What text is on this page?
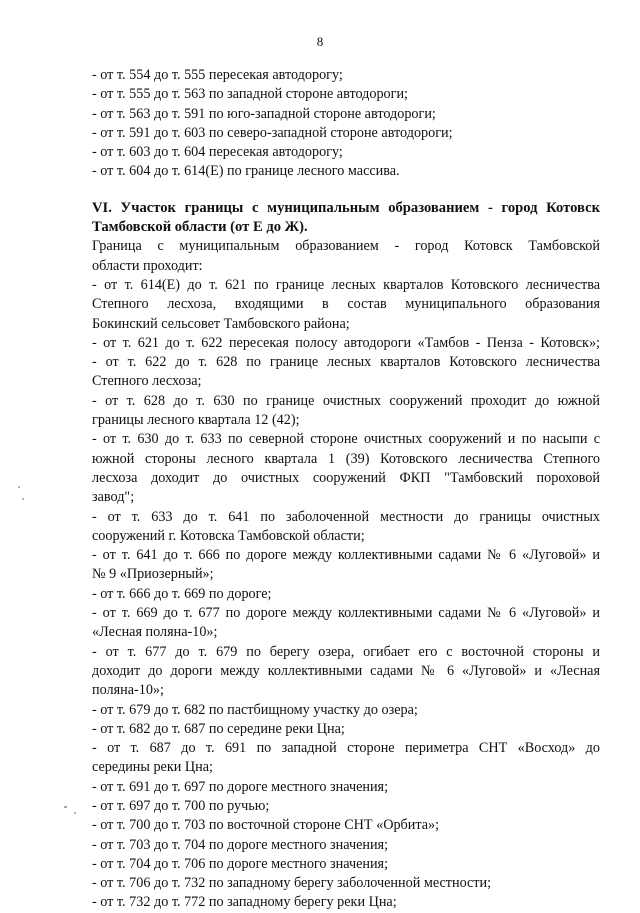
8
- от т. 554 до т. 555 пересекая автодорогу;
- от т. 555 до т. 563 по западной стороне автодороги;
- от т. 563 до т. 591 по юго-западной стороне автодороги;
- от т. 591 до т. 603 по северо-западной стороне автодороги;
- от т. 603 до т. 604 пересекая автодорогу;
- от т. 604 до т. 614(Е) по границе лесного массива.
VI. Участок границы с муниципальным образованием - город Котовск
Тамбовской области (от Е до Ж).
Граница с муниципальным образованием - город Котовск Тамбовской
области проходит:
- от т. 614(Е) до т. 621 по границе лесных кварталов Котовского лесничества
Степного лесхоза, входящими в состав муниципального образования
Бокинский сельсовет Тамбовского района;
- от т. 621 до т. 622 пересекая полосу автодороги «Тамбов - Пенза - Котовск»;
- от т. 622 до т. 628 по границе лесных кварталов Котовского лесничества
Степного лесхоза;
- от т. 628 до т. 630 по границе очистных сооружений проходит до южной
границы лесного квартала 12 (42);
- от т. 630 до т. 633 по северной стороне очистных сооружений и по насыпи с
южной стороны лесного квартала 1 (39) Котовского лесничества Степного
лесхоза доходит до очистных сооружений ФКП "Тамбовский пороховой
завод";
- от т. 633 до т. 641 по заболоченной местности до границы очистных
сооружений г. Котовска Тамбовской области;
- от т. 641 до т. 666 по дороге между коллективными садами № 6 «Луговой» и
№ 9 «Приозерный»;
- от т. 666 до т. 669 по дороге;
- от т. 669 до т. 677 по дороге между коллективными садами № 6 «Луговой» и
«Лесная поляна-10»;
- от т. 677 до т. 679 по берегу озера, огибает его с восточной стороны и
доходит до дороги между коллективными садами № 6 «Луговой» и «Лесная
поляна-10»;
- от т. 679 до т. 682 по пастбищному участку до озера;
- от т. 682 до т. 687 по середине реки Цна;
- от т. 687 до т. 691 по западной стороне периметра СНТ «Восход» до
середины реки Цна;
- от т. 691 до т. 697 по дороге местного значения;
- от т. 697 до т. 700 по ручью;
- от т. 700 до т. 703 по восточной стороне СНТ «Орбита»;
- от т. 703 до т. 704 по дороге местного значения;
- от т. 704 до т. 706 по дороге местного значения;
- от т. 706 до т. 732 по западному берегу заболоченной местности;
- от т. 732 до т. 772 по западному берегу реки Цна;
